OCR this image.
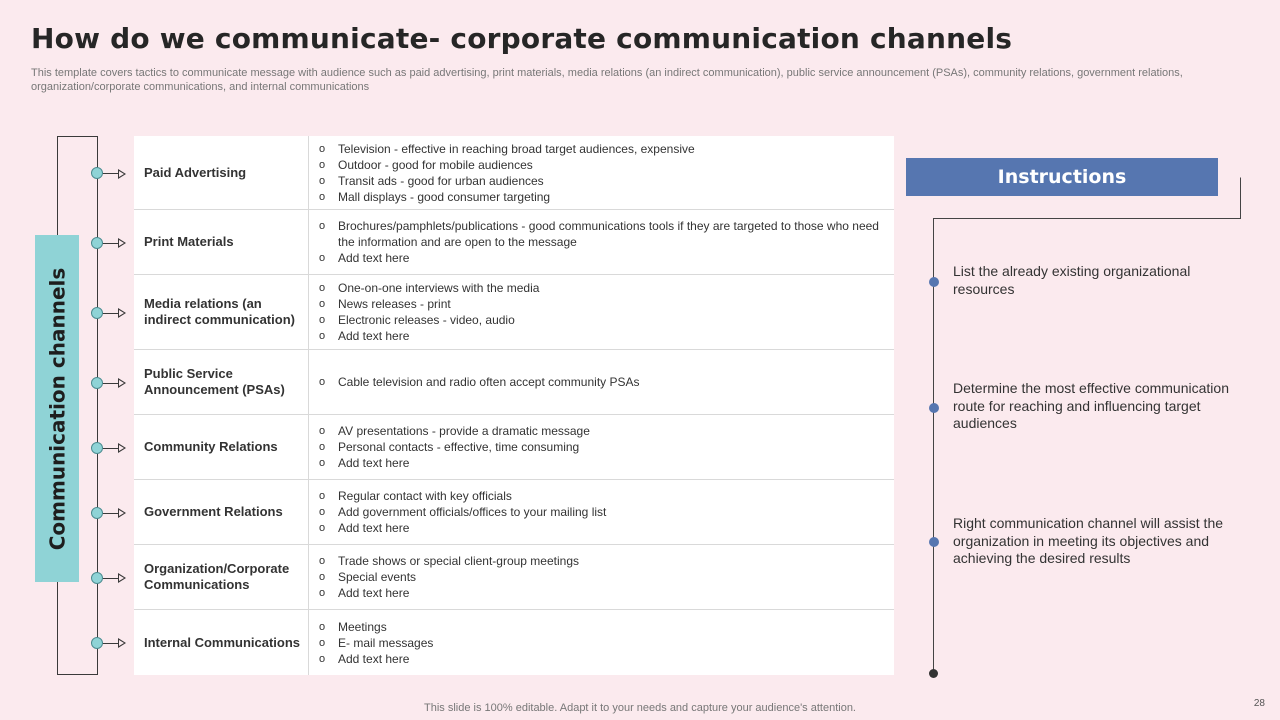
How do we communicate- corporate communication channels
This template covers tactics to communicate message with audience such as paid advertising, print materials, media relations (an indirect communication), public service announcement (PSAs), community relations, government relations, organization/corporate communications, and internal communications
Communication channels
Paid Advertising
o	Television - effective in reaching broad target audiences, expensive
o	Outdoor - good for mobile audiences
o	Transit ads - good for urban audiences
o	Mall displays - good consumer targeting
Print Materials
o	Brochures/pamphlets/publications - good communications tools if they are targeted to those who need the information and are open to the message
o	Add text here
Media relations (an indirect communication)
o	One-on-one interviews with the media
o	News releases - print
o	Electronic releases - video, audio
o	Add text here
Public Service Announcement (PSAs)	o	Cable television and radio often accept community PSAs
Community Relations
o	AV presentations - provide a dramatic message
o	Personal contacts - effective, time consuming
o	Add text here
Government Relations
o	Regular contact with key officials
o	Add government officials/offices to your mailing list
o	Add text here
Organization/Corporate Communications
o	Trade shows or special client-group meetings
o	Special events
o	Add text here
Internal Communications
o	Meetings
o	E- mail messages
o	Add text here
Instructions
List the already existing organizational resources
Determine the most effective communication route for reaching and influencing target audiences
Right communication channel will assist the organization in meeting its objectives and achieving the desired results
This slide is 100% editable. Adapt it to your needs and capture your audience's attention.	28
